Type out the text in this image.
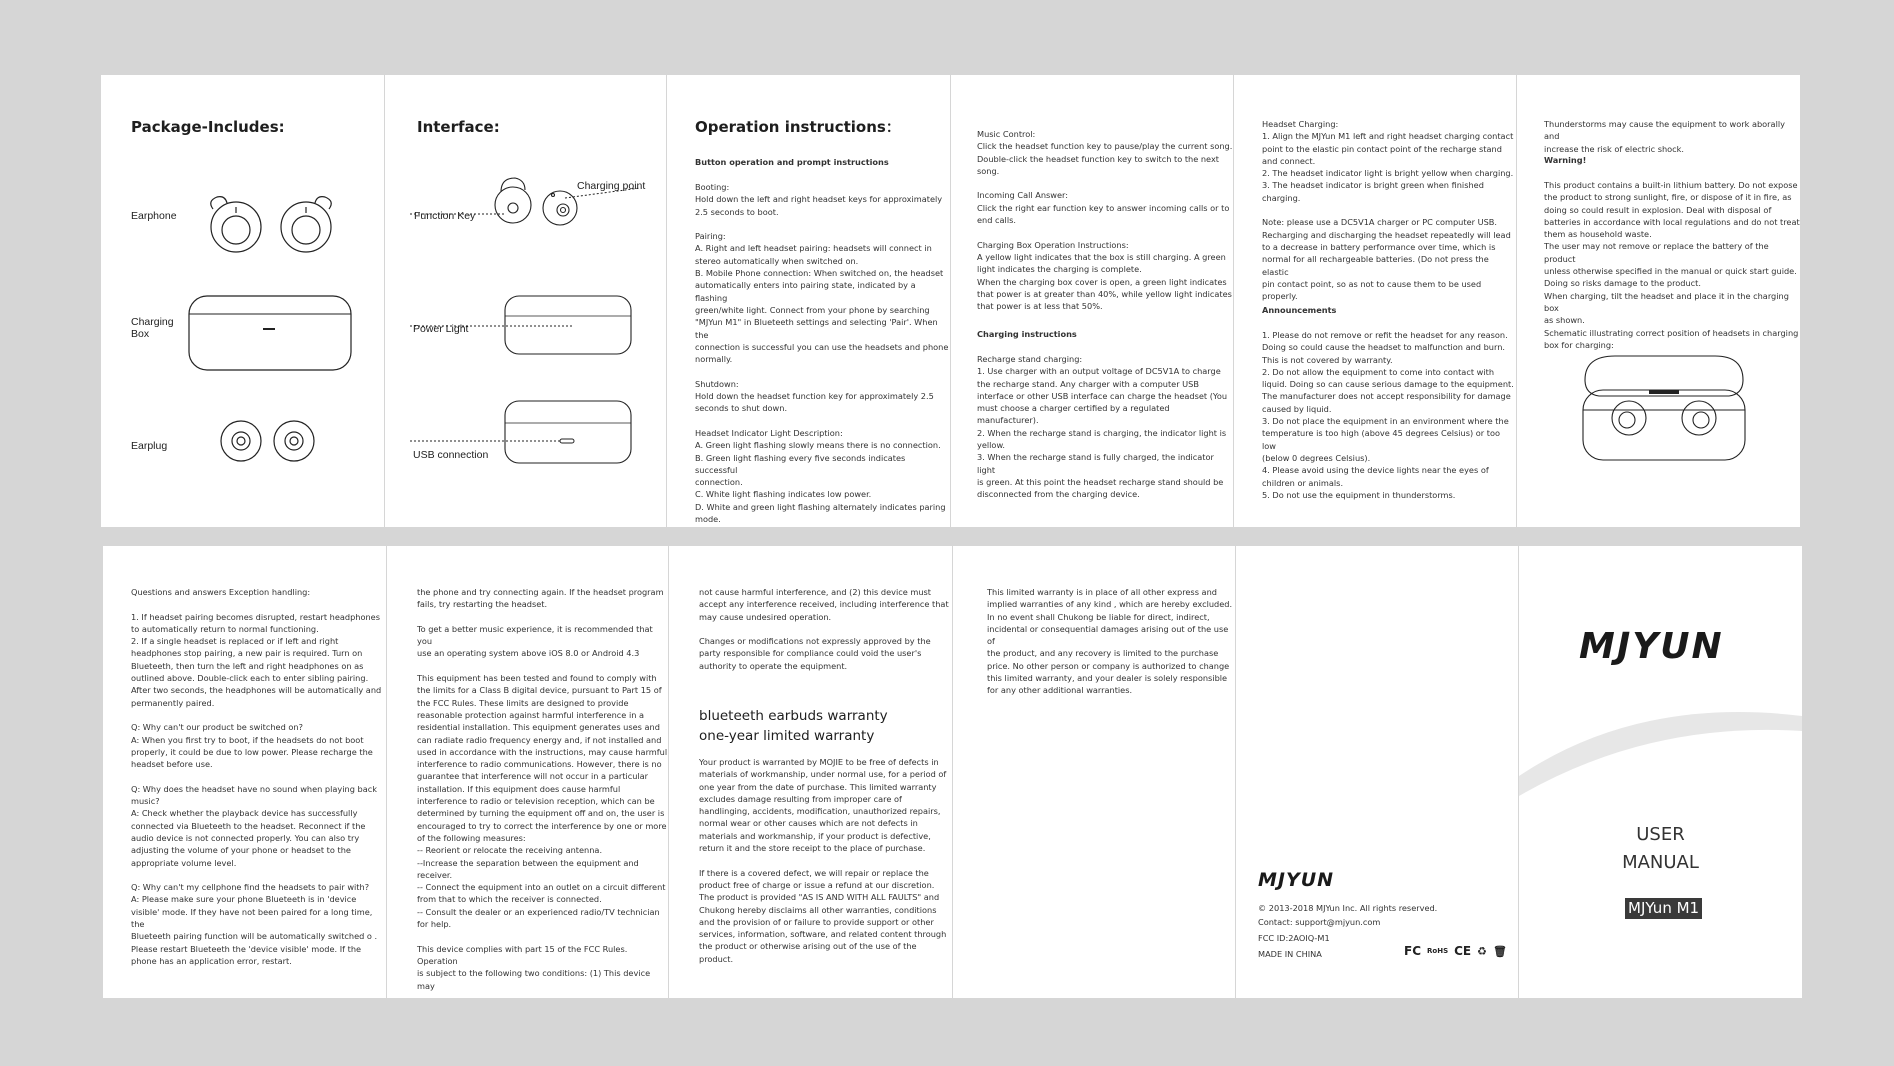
Package-Includes:
Earphone
Charging
Box
Earplug
Interface:
Function Key
Charging point
Power Light
USB connection
Operation instructions：
Button operation and prompt instructions
Booting:
Hold down the left and right headset keys for approximately
2.5 seconds to boot.

Pairing:
A. Right and left headset pairing: headsets will connect in
stereo automatically when switched on.
B. Mobile Phone connection: When switched on, the headset
automatically enters into pairing state, indicated by a flashing
green/white light. Connect from your phone by searching
"MJYun M1" in Blueteeth settings and selecting 'Pair'. When the
connection is successful you can use the headsets and phone
normally.

Shutdown:
Hold down the headset function key for approximately 2.5
seconds to shut down.

Headset Indicator Light Description:
A. Green light flashing slowly means there is no connection.
B. Green light flashing every five seconds indicates successful
connection.
C. White light flashing indicates low power.
D. White and green light flashing alternately indicates paring
mode.
Music Control:
Click the headset function key to pause/play the current song.
Double-click the headset function key to switch to the next
song.

Incoming Call Answer:
Click the right ear function key to answer incoming calls or to
end calls.

Charging Box Operation Instructions:
A yellow light indicates that the box is still charging. A green
light indicates the charging is complete.
When the charging box cover is open, a green light indicates
that power is at greater than 40%, while yellow light indicates
that power is at less that 50%.
Charging instructions
Recharge stand charging:
1. Use charger with an output voltage of DC5V1A to charge
the recharge stand. Any charger with a computer USB
interface or other USB interface can charge the headset (You
must choose a charger certified by a regulated manufacturer).
2. When the recharge stand is charging, the indicator light is
yellow.
3. When the recharge stand is fully charged, the indicator light
is green. At this point the headset recharge stand should be
disconnected from the charging device.
Headset Charging:
1. Align the MJYun M1 left and right headset charging contact
point to the elastic pin contact point of the recharge stand
and connect.
2. The headset indicator light is bright yellow when charging.
3. The headset indicator is bright green when finished
charging.

Note: please use a DC5V1A charger or PC computer USB.
Recharging and discharging the headset repeatedly will lead
to a decrease in battery performance over time, which is
normal for all rechargeable batteries. (Do not press the elastic
pin contact point, so as not to cause them to be used
properly.
Announcements
1. Please do not remove or refit the headset for any reason.
Doing so could cause the headset to malfunction and burn.
This is not covered by warranty.
2. Do not allow the equipment to come into contact with
liquid. Doing so can cause serious damage to the equipment.
The manufacturer does not accept responsibility for damage
caused by liquid.
3. Do not place the equipment in an environment where the
temperature is too high (above 45 degrees Celsius) or too low
(below 0 degrees Celsius).
4. Please avoid using the device lights near the eyes of
children or animals.
5. Do not use the equipment in thunderstorms.
Thunderstorms may cause the equipment to work aborally and
increase the risk of electric shock.
Warning!
This product contains a built-in lithium battery. Do not expose
the product to strong sunlight, fire, or dispose of it in fire, as
doing so could result in explosion. Deal with disposal of
batteries in accordance with local regulations and do not treat
them as household waste.
The user may not remove or replace the battery of the product
unless otherwise specified in the manual or quick start guide.
Doing so risks damage to the product.
When charging, tilt the headset and place it in the charging box
as shown.
Schematic illustrating correct position of headsets in charging
box for charging:
Questions and answers Exception handling:

1. If headset pairing becomes disrupted, restart headphones
to automatically return to normal functioning.
2. If a single headset is replaced or if left and right
headphones stop pairing, a new pair is required. Turn on
Blueteeth, then turn the left and right headphones on as
outlined above. Double-click each to enter sibling pairing.
After two seconds, the headphones will be automatically and
permanently paired.

Q: Why can't our product be switched on?
A: When you first try to boot, if the headsets do not boot
properly, it could be due to low power. Please recharge the
headset before use.

Q: Why does the headset have no sound when playing back
music?
A: Check whether the playback device has successfully
connected via Blueteeth to the headset. Reconnect if the
audio device is not connected properly. You can also try
adjusting the volume of your phone or headset to the
appropriate volume level.

Q: Why can't my cellphone find the headsets to pair with?
A: Please make sure your phone Blueteeth is in 'device
visible' mode. If they have not been paired for a long time, the
Blueteeth pairing function will be automatically switched o .
Please restart Blueteeth the 'device visible' mode. If the
phone has an application error, restart.
the phone and try connecting again. If the headset program
fails, try restarting the headset.

To get a better music experience, it is recommended that you
use an operating system above iOS 8.0 or Android 4.3

This equipment has been tested and found to comply with
the limits for a Class B digital device, pursuant to Part 15 of
the FCC Rules. These limits are designed to provide
reasonable protection against harmful interference in a
residential installation. This equipment generates uses and
can radiate radio frequency energy and, if not installed and
used in accordance with the instructions, may cause harmful
interference to radio communications. However, there is no
guarantee that interference will not occur in a particular
installation. If this equipment does cause harmful
interference to radio or television reception, which can be
determined by turning the equipment off and on, the user is
encouraged to try to correct the interference by one or more
of the following measures:
-- Reorient or relocate the receiving antenna.
--Increase the separation between the equipment and
receiver.
-- Connect the equipment into an outlet on a circuit different
from that to which the receiver is connected.
-- Consult the dealer or an experienced radio/TV technician
for help.

This device complies with part 15 of the FCC Rules. Operation
is subject to the following two conditions: (1) This device may
not cause harmful interference, and (2) this device must
accept any interference received, including interference that
may cause undesired operation.

Changes or modifications not expressly approved by the
party responsible for compliance could void the user's
authority to operate the equipment.
blueteeth earbuds warranty
one-year limited warranty
Your product is warranted by MOJIE to be free of defects in
materials of workmanship, under normal use, for a period of
one year from the date of purchase. This limited warranty
excludes damage resulting from improper care of
handlinging, accidents, modification, unauthorized repairs,
normal wear or other causes which are not defects in
materials and workmanship, if your product is defective,
return it and the store receipt to the place of purchase.

If there is a covered defect, we will repair or replace the
product free of charge or issue a refund at our discretion.
The product is provided "AS IS AND WITH ALL FAULTS" and
Chukong hereby disclaims all other warranties, conditions
and the provision of or failure to provide support or other
services, information, software, and related content through
the product or otherwise arising out of the use of the
product.
This limited warranty is in place of all other express and
implied warranties of any kind , which are hereby excluded.
In no event shall Chukong be liable for direct, indirect,
incidental or consequential damages arising out of the use of
the product, and any recovery is limited to the purchase
price. No other person or company is authorized to change
this limited warranty, and your dealer is solely responsible
for any other additional warranties.
MJYUN
© 2013-2018 MJYun Inc. All rights reserved.
Contact: support@mjyun.com
FCC ID:2AOIQ-M1
MADE IN CHINA	FC RoHS CE ♻ 🗑
MJYUN
USER
MANUAL
MJYun M1
